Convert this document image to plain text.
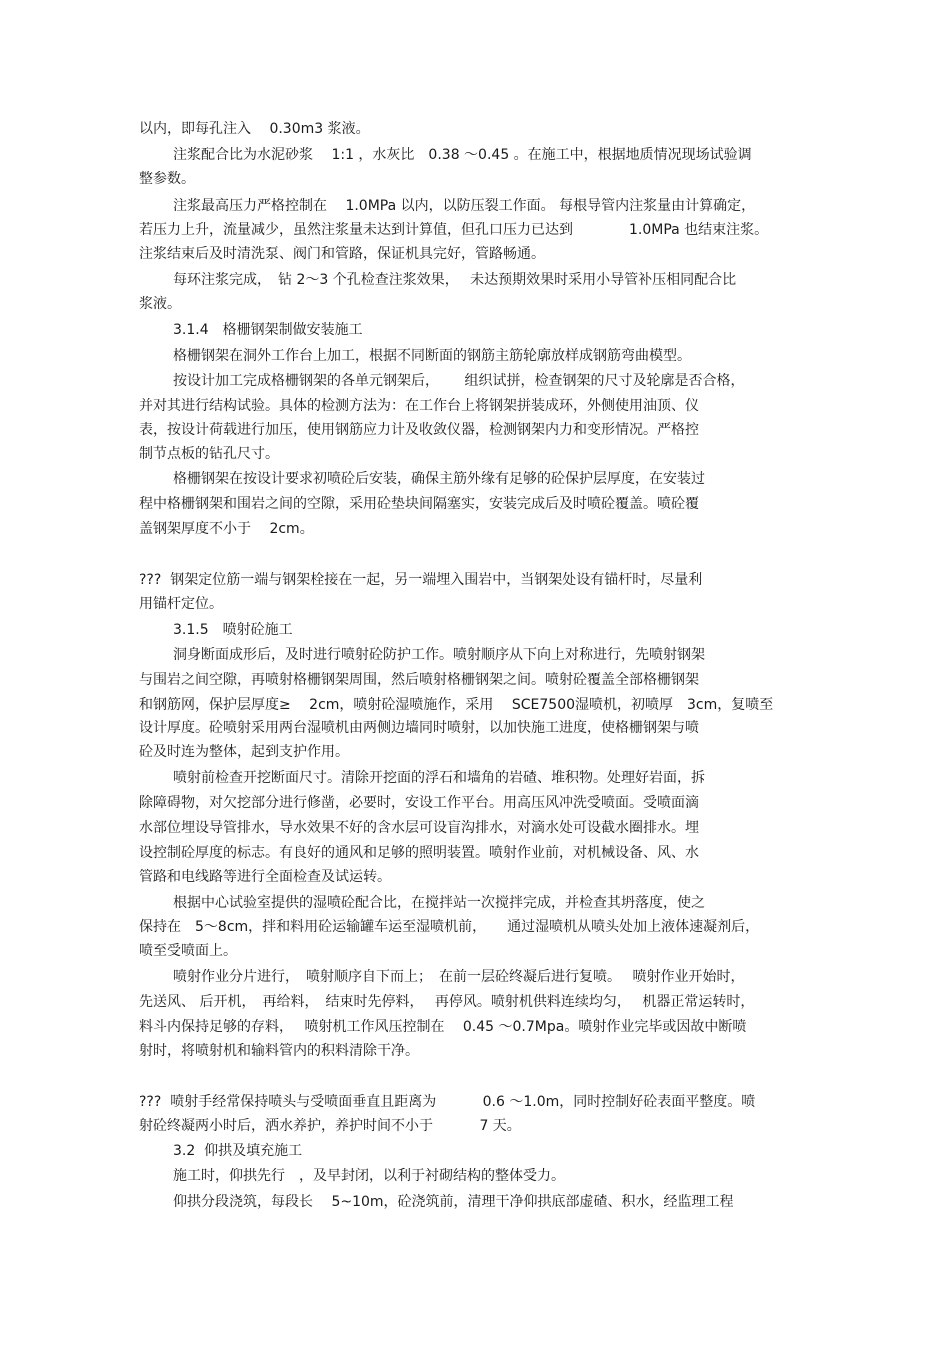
以内，即每孔注入　 0.30m3 浆液。
注浆配合比为水泥砂浆　 1:1 ，水灰比　0.38 ～0.45 。在施工中，根据地质情况现场试验调
整参数。
注浆最高压力严格控制在　 1.0MPa 以内，以防压裂工作面。 每根导管内注浆量由计算确定，
若压力上升，流量减少，虽然注浆量未达到计算值，但孔口压力已达到　　　　1.0MPa 也结束注浆。
注浆结束后及时清洗泵、阀门和管路，保证机具完好，管路畅通。
每环注浆完成，　钻 2～3 个孔检查注浆效果，　 未达预期效果时采用小导管补压相同配合比
浆液。
3.1.4　格栅钢架制做安装施工
格栅钢架在洞外工作台上加工，根据不同断面的钢筋主筋轮廓放样成钢筋弯曲模型。
按设计加工完成格栅钢架的各单元钢架后，　　 组织试拼，检查钢架的尺寸及轮廓是否合格，
并对其进行结构试验。具体的检测方法为：在工作台上将钢架拼装成环，外侧使用油顶、仪
表，按设计荷载进行加压，使用钢筋应力计及收敛仪器，检测钢架内力和变形情况。严格控
制节点板的钻孔尺寸。
格栅钢架在按设计要求初喷砼后安装，确保主筋外缘有足够的砼保护层厚度，在安装过
程中格栅钢架和围岩之间的空隙，采用砼垫块间隔塞实，安装完成后及时喷砼覆盖。喷砼覆
盖钢架厚度不小于　 2cm。
???  钢架定位筋一端与钢架栓接在一起，另一端埋入围岩中，当钢架处设有锚杆时，尽量利
用锚杆定位。
3.1.5　喷射砼施工
洞身断面成形后，及时进行喷射砼防护工作。喷射顺序从下向上对称进行，先喷射钢架
与围岩之间空隙，再喷射格栅钢架周围，然后喷射格栅钢架之间。喷射砼覆盖全部格栅钢架
和钢筋网，保护层厚度≥　 2cm，喷射砼湿喷施作，采用　 SCE7500湿喷机，初喷厚　3cm，复喷至
设计厚度。砼喷射采用两台湿喷机由两侧边墙同时喷射，以加快施工进度，使格栅钢架与喷
砼及时连为整体，起到支护作用。
喷射前检查开挖断面尺寸。清除开挖面的浮石和墙角的岩碴、堆积物。处理好岩面，拆
除障碍物，对欠挖部分进行修凿，必要时，安设工作平台。用高压风冲洗受喷面。受喷面滴
水部位埋设导管排水，导水效果不好的含水层可设盲沟排水，对滴水处可设截水圈排水。埋
设控制砼厚度的标志。有良好的通风和足够的照明装置。喷射作业前，对机械设备、风、水
管路和电线路等进行全面检查及试运转。
根据中心试验室提供的湿喷砼配合比，在搅拌站一次搅拌完成，并检查其坍落度，使之
保持在　5～8cm，拌和料用砼运输罐车运至湿喷机前，　　通过湿喷机从喷头处加上液体速凝剂后，
喷至受喷面上。
喷射作业分片进行，　喷射顺序自下而上；　在前一层砼终凝后进行复喷。　 喷射作业开始时，
先送风、 后开机，　再给料，　结束时先停料，　 再停风。喷射机供料连续均匀，　 机器正常运转时，
料斗内保持足够的存料，　 喷射机工作风压控制在　 0.45 ～0.7Mpa。喷射作业完毕或因故中断喷
射时，将喷射机和输料管内的积料清除干净。
???  喷射手经常保持喷头与受喷面垂直且距离为　　　 0.6 ～1.0m，同时控制好砼表面平整度。喷
射砼终凝两小时后，洒水养护，养护时间不小于　　　 7 天。
3.2  仰拱及填充施工
施工时，仰拱先行　，及早封闭，以利于衬砌结构的整体受力。
仰拱分段浇筑，每段长　 5~10m，砼浇筑前，清理干净仰拱底部虚碴、积水，经监理工程
